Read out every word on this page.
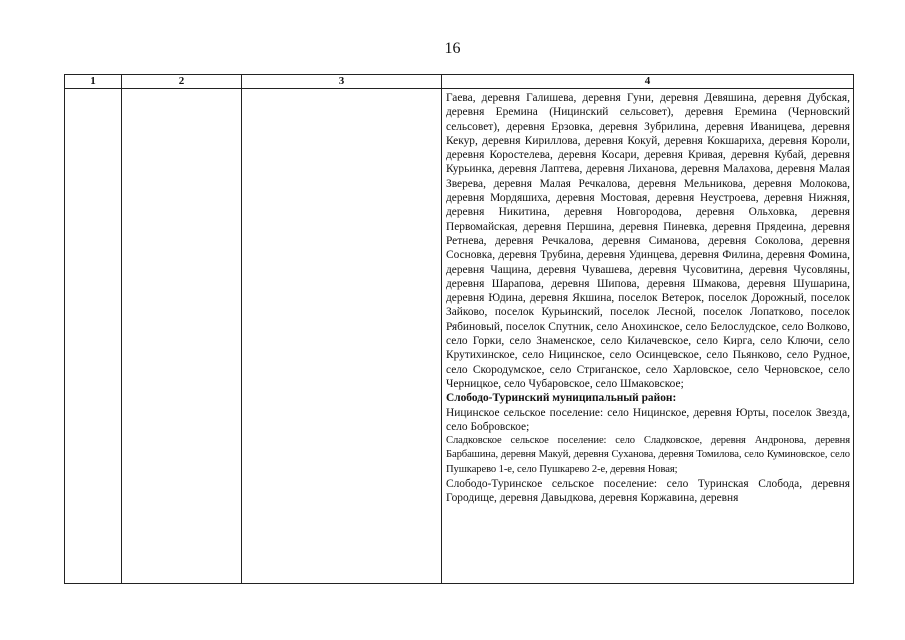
16
1	2	3	4

			Гаева, деревня Галишева, деревня Гуни, деревня Девяшина, деревня Дубская, деревня Еремина (Ницинский сельсовет), деревня Еремина (Черновский сельсовет), деревня Ерзовка, деревня Зубрилина, деревня Иваницева, деревня Кекур, деревня Кириллова, деревня Кокуй, деревня Кокшариха, деревня Короли, деревня Коростелева, деревня Косари, деревня Кривая, деревня Кубай, деревня Курьинка, деревня Лаптева, деревня Лиханова, деревня Малахова, деревня Малая Зверева, деревня Малая Речкалова, деревня Мельникова, деревня Молокова, деревня Мордяшиха, деревня Мостовая, деревня Неустроева, деревня Нижняя, деревня Никитина, деревня Новгородова, деревня Ольховка, деревня Первомайская, деревня Першина, деревня Пиневка, деревня Прядеина, деревня Ретнева, деревня Речкалова, деревня Симанова, деревня Соколова, деревня Сосновка, деревня Трубина, деревня Удинцева, деревня Филина, деревня Фомина, деревня Чащина, деревня Чувашева, деревня Чусовитина, деревня Чусовляны, деревня Шарапова, деревня Шипова, деревня Шмакова, деревня Шушарина, деревня Юдина, деревня Якшина, поселок Ветерок, поселок Дорожный, поселок Зайково, поселок Курьинский, поселок Лесной, поселок Лопатково, поселок Рябиновый, поселок Спутник, село Анохинское, село Белослудское, село Волково, село Горки, село Знаменское, село Килачевское, село Кирга, село Ключи, село Крутихинское, село Ницинское, село Осинцевское, село Пьянково, село Рудное, село Скородумское, село Стриганское, село Харловское, село Черновское, село Черницкое, село Чубаровское, село Шмаковское;

Слободо-Туринский муниципальный район:

Ницинское сельское поселение: село Ницинское, деревня Юрты, поселок Звезда, село Бобровское;

Сладковское сельское поселение: село Сладковское, деревня Андронова, деревня Барбашина, деревня Макуй, деревня Суханова, деревня Томилова, село Куминовское, село Пушкарево 1-е, село Пушкарево 2-е, деревня Новая;

Слободо-Туринское сельское поселение: село Туринская Слобода, деревня Городище, деревня Давыдкова, деревня Коржавина, деревня
